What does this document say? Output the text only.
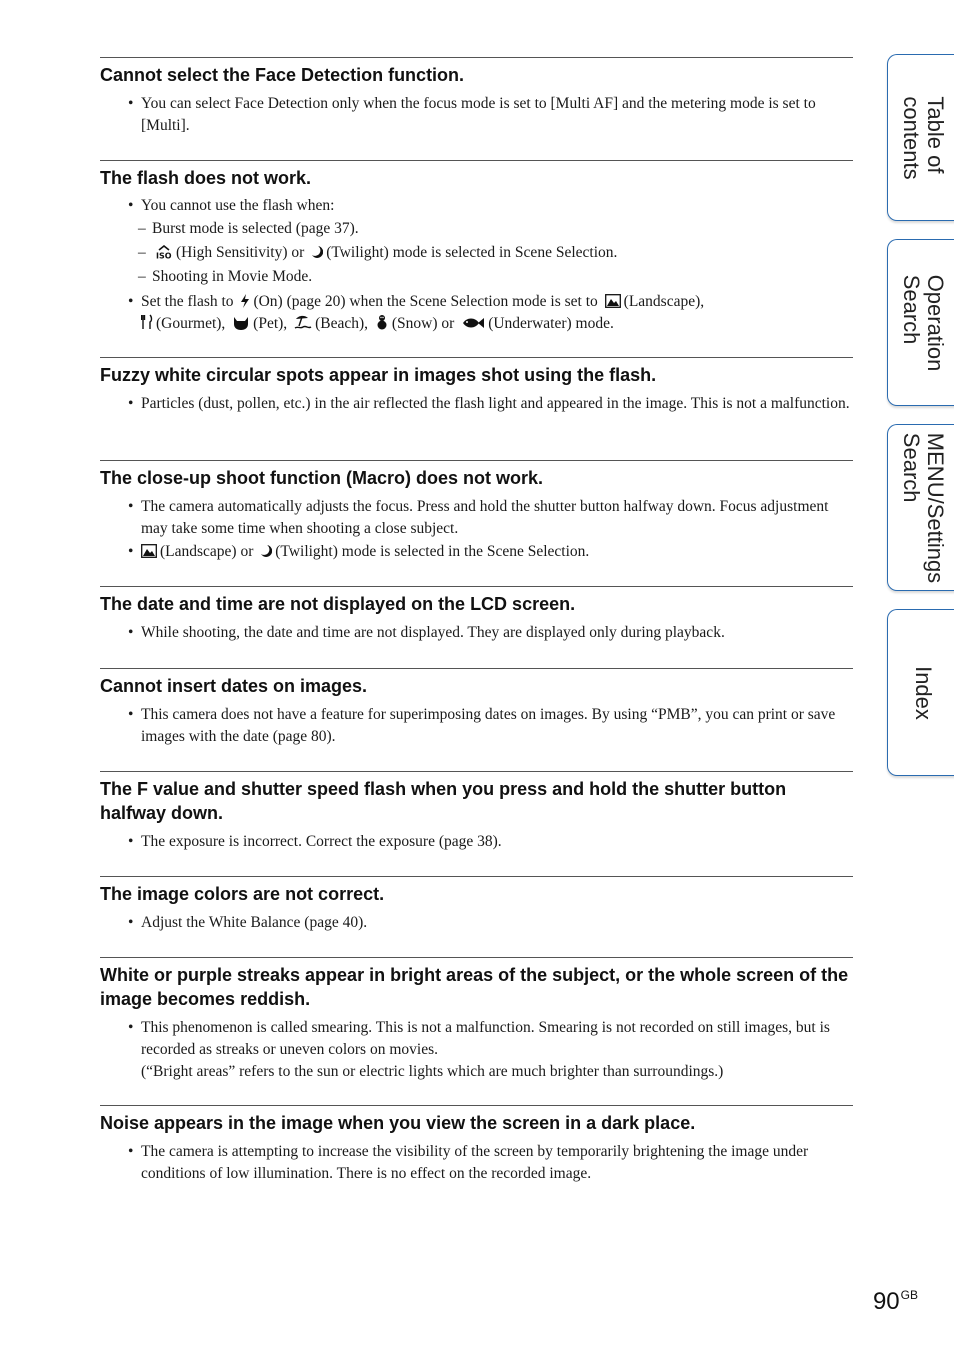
Table of
contents
Operation
Search
MENU/Settings
Search
Index
Cannot select the Face Detection function.
• You can select Face Detection only when the focus mode is set to [Multi AF] and the metering mode is set to [Multi].
The flash does not work.
• You cannot use the flash when:
– Burst mode is selected (page 37).
– ISO (High Sensitivity) or (Twilight) mode is selected in Scene Selection.
– Shooting in Movie Mode.
• Set the flash to (On) (page 20) when the Scene Selection mode is set to (Landscape),

(Gourmet), (Pet), (Beach), (Snow) or (Underwater) mode.
Fuzzy white circular spots appear in images shot using the flash.
• Particles (dust, pollen, etc.) in the air reflected the flash light and appeared in the image. This is not a malfunction.
The close-up shoot function (Macro) does not work.
• The camera automatically adjusts the focus. Press and hold the shutter button halfway down. Focus adjustment may take some time when shooting a close subject.
• (Landscape) or (Twilight) mode is selected in the Scene Selection.
The date and time are not displayed on the LCD screen.
• While shooting, the date and time are not displayed. They are displayed only during playback.
Cannot insert dates on images.
• This camera does not have a feature for superimposing dates on images. By using “PMB”, you can print or save images with the date (page 80).
The F value and shutter speed flash when you press and hold the shutter button halfway down.
• The exposure is incorrect. Correct the exposure (page 38).
The image colors are not correct.
• Adjust the White Balance (page 40).
White or purple streaks appear in bright areas of the subject, or the whole screen of the image becomes reddish.
• This phenomenon is called smearing. This is not a malfunction. Smearing is not recorded on still images, but is recorded as streaks or uneven colors on movies.
(“Bright areas” refers to the sun or electric lights which are much brighter than surroundings.)
Noise appears in the image when you view the screen in a dark place.
• The camera is attempting to increase the visibility of the screen by temporarily brightening the image under conditions of low illumination. There is no effect on the recorded image.
$90^{GB}$
